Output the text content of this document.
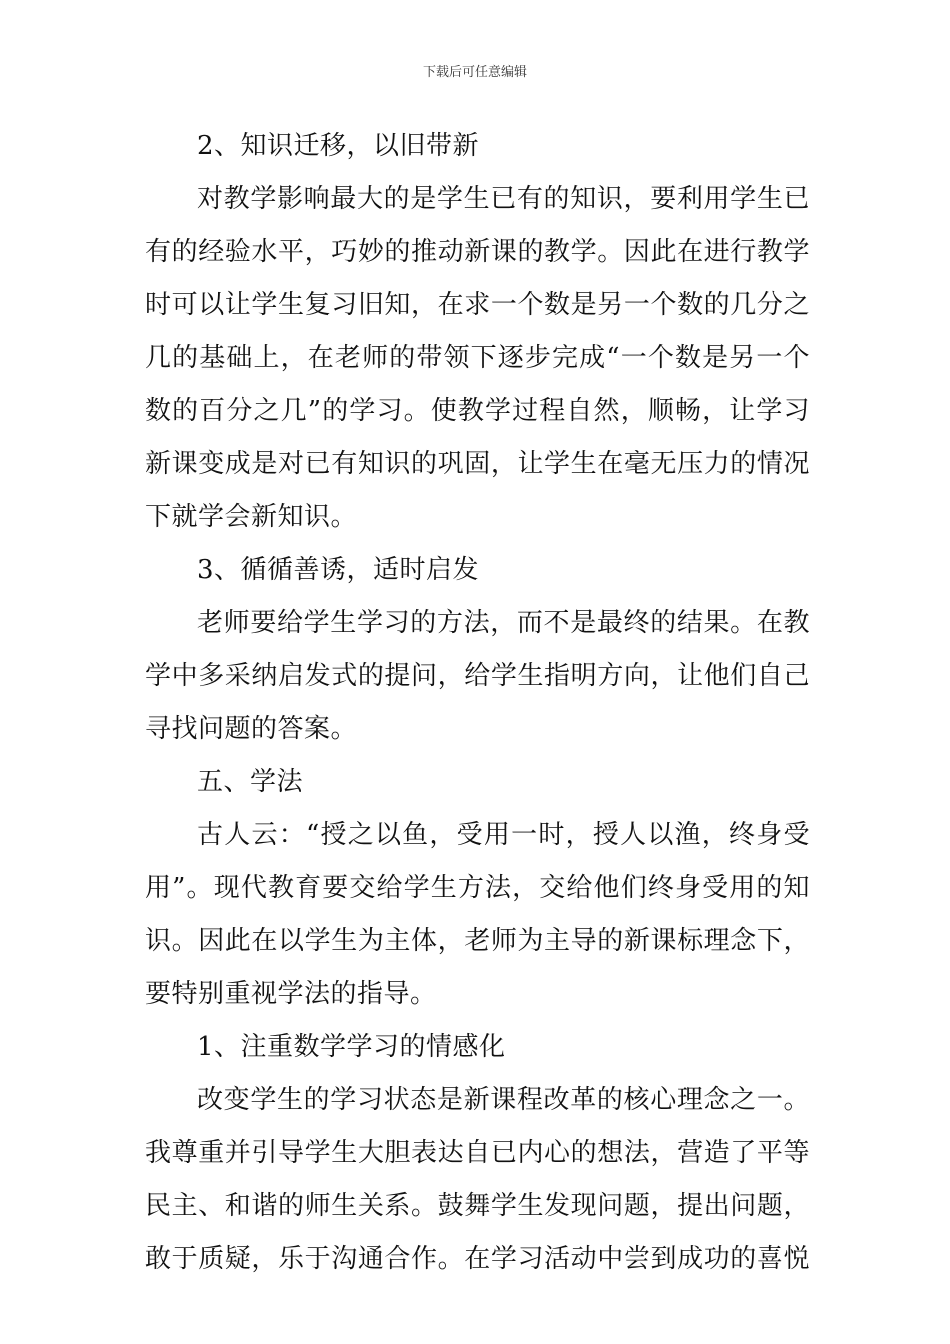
下载后可任意编辑
2、知识迁移，以旧带新
对教学影响最大的是学生已有的知识，要利用学生已
有的经验水平，巧妙的推动新课的教学。因此在进行教学
时可以让学生复习旧知，在求一个数是另一个数的几分之
几的基础上，在老师的带领下逐步完成“一个数是另一个
数的百分之几”的学习。使教学过程自然，顺畅，让学习
新课变成是对已有知识的巩固，让学生在毫无压力的情况
下就学会新知识。
3、循循善诱，适时启发
老师要给学生学习的方法，而不是最终的结果。在教
学中多采纳启发式的提问，给学生指明方向，让他们自己
寻找问题的答案。
五、学法
古人云：“授之以鱼，受用一时，授人以渔，终身受
用”。现代教育要交给学生方法，交给他们终身受用的知
识。因此在以学生为主体，老师为主导的新课标理念下，
要特别重视学法的指导。
1、注重数学学习的情感化
改变学生的学习状态是新课程改革的核心理念之一。
我尊重并引导学生大胆表达自已内心的想法，营造了平等
民主、和谐的师生关系。鼓舞学生发现问题，提出问题，
敢于质疑，乐于沟通合作。在学习活动中尝到成功的喜悦
